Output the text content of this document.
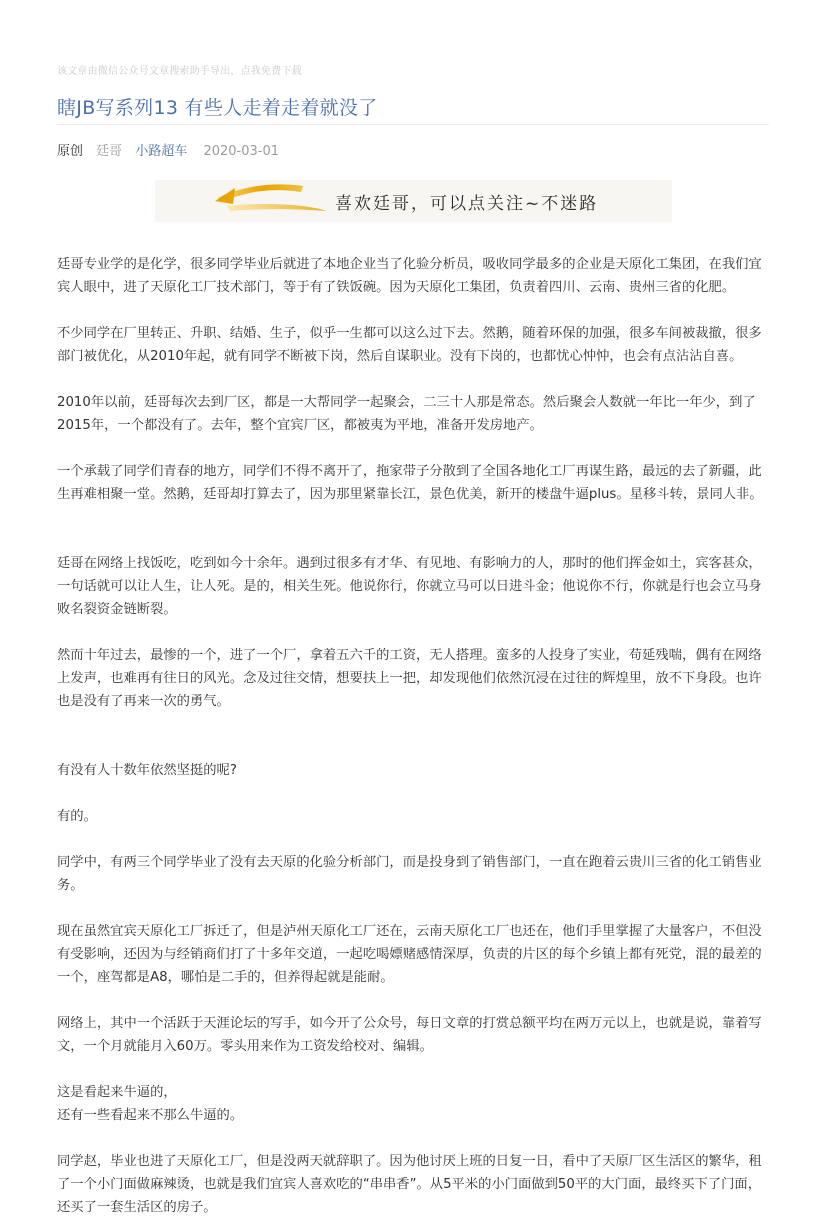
该文章由微信公众号文章搜索助手导出，点我免费下载
瞎JB写系列13 有些人走着走着就没了
原创 廷哥 小路超车 2020-03-01
喜欢廷哥，可以点关注~不迷路

廷哥专业学的是化学，很多同学毕业后就进了本地企业当了化验分析员，吸收同学最多的企业是天原化工集团，在我们宜宾人眼中，进了天原化工厂技术部门，等于有了铁饭碗。因为天原化工集团，负责着四川、云南、贵州三省的化肥。

不少同学在厂里转正、升职、结婚、生子，似乎一生都可以这么过下去。然鹅，随着环保的加强，很多车间被裁撤，很多部门被优化，从2010年起，就有同学不断被下岗，然后自谋职业。没有下岗的，也都忧心忡忡，也会有点沾沾自喜。

2010年以前，廷哥每次去到厂区，都是一大帮同学一起聚会，二三十人那是常态。然后聚会人数就一年比一年少，到了2015年，一个都没有了。去年，整个宜宾厂区，都被夷为平地，准备开发房地产。

一个承载了同学们青春的地方，同学们不得不离开了，拖家带子分散到了全国各地化工厂再谋生路，最远的去了新疆，此生再难相聚一堂。然鹅，廷哥却打算去了，因为那里紧靠长江，景色优美，新开的楼盘牛逼plus。星移斗转，景同人非。

廷哥在网络上找饭吃，吃到如今十余年。遇到过很多有才华、有见地、有影响力的人，那时的他们挥金如土，宾客甚众，一句话就可以让人生，让人死。是的，相关生死。他说你行，你就立马可以日进斗金；他说你不行，你就是行也会立马身败名裂资金链断裂。

然而十年过去，最惨的一个，进了一个厂，拿着五六千的工资，无人搭理。蛮多的人投身了实业，苟延残喘，偶有在网络上发声，也难再有往日的风光。念及过往交情，想要扶上一把，却发现他们依然沉浸在过往的辉煌里，放不下身段。也许也是没有了再来一次的勇气。

有没有人十数年依然坚挺的呢?

有的。

同学中，有两三个同学毕业了没有去天原的化验分析部门，而是投身到了销售部门，一直在跑着云贵川三省的化工销售业务。

现在虽然宜宾天原化工厂拆迁了，但是泸州天原化工厂还在，云南天原化工厂也还在，他们手里掌握了大量客户，不但没有受影响，还因为与经销商们打了十多年交道，一起吃喝嫖赌感情深厚，负责的片区的每个乡镇上都有死党，混的最差的一个，座驾都是A8，哪怕是二手的，但养得起就是能耐。

网络上，其中一个活跃于天涯论坛的写手，如今开了公众号，每日文章的打赏总额平均在两万元以上，也就是说，靠着写文，一个月就能月入60万。零头用来作为工资发给校对、编辑。

这是看起来牛逼的，

还有一些看起来不那么牛逼的。

同学赵，毕业也进了天原化工厂，但是没两天就辞职了。因为他讨厌上班的日复一日，看中了天原厂区生活区的繁华，租了一个小门面做麻辣烫，也就是我们宜宾人喜欢吃的“串串香”。从5平米的小门面做到50平的大门面，最终买下了门面，还买了一套生活区的房子。
